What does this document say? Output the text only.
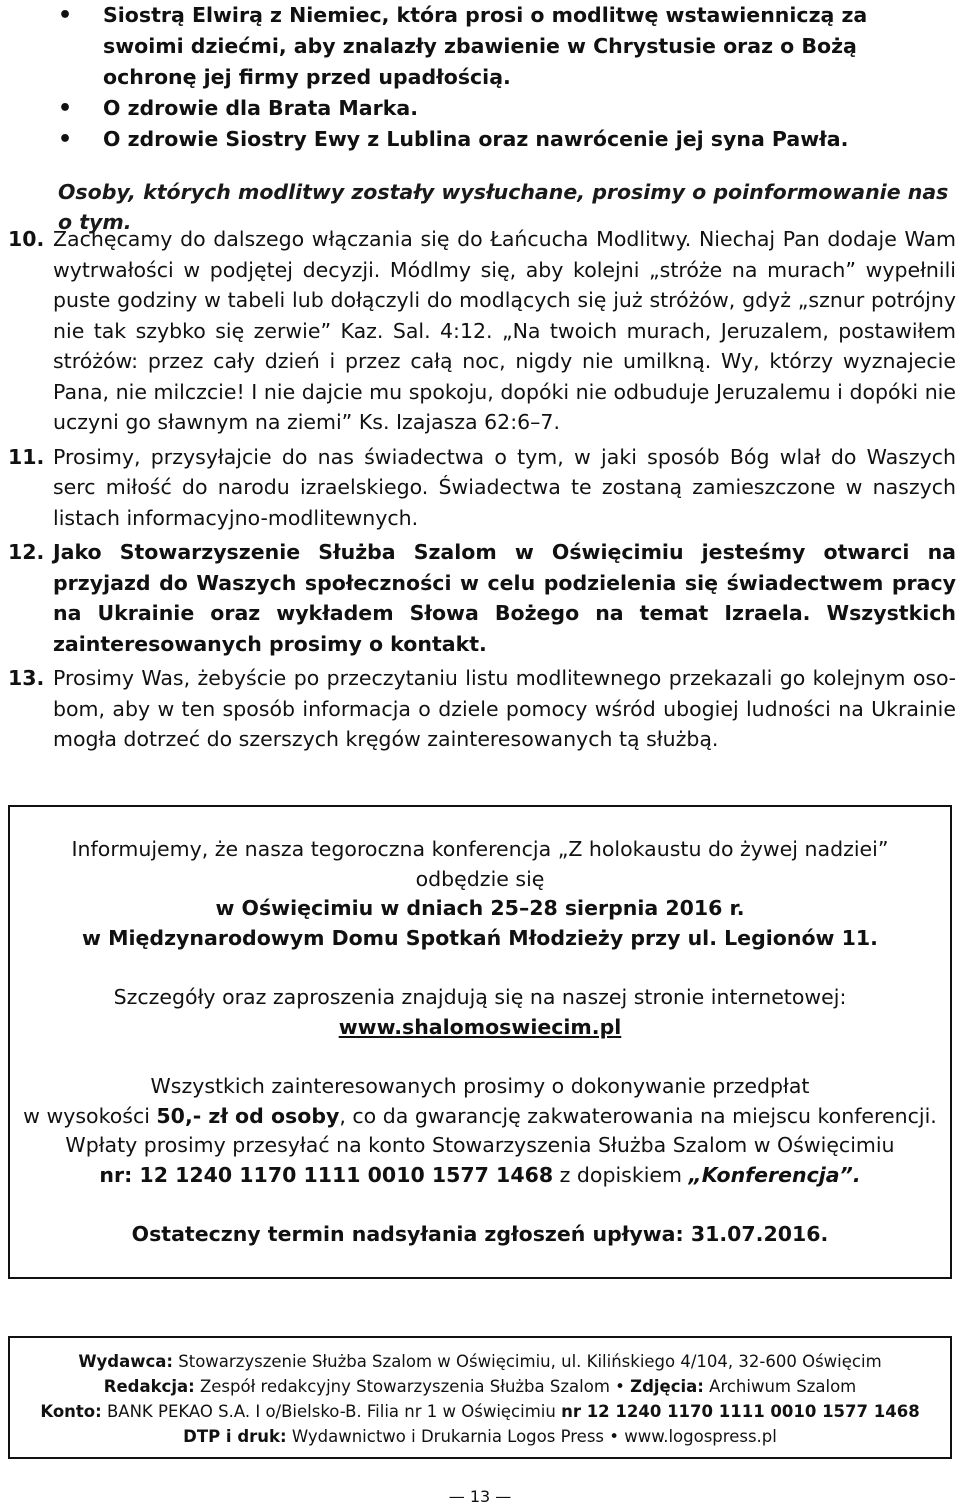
• Siostrą Elwirą z Niemiec, która prosi o modlitwę wstawienniczą za swoimi dziećmi, aby znalazły zbawienie w Chrystusie oraz o Bożą ochronę jej firmy przed upadłością.
• O zdrowie dla Brata Marka.
• O zdrowie Siostry Ewy z Lublina oraz nawrócenie jej syna Pawła.
Osoby, których modlitwy zostały wysłuchane, prosimy o poinformowanie nas o tym.
10. Zachęcamy do dalszego włączania się do Łańcucha Modlitwy. Niechaj Pan dodaje Wam wytrwałości w podjętej decyzji. Módlmy się, aby kolejni „stróże na murach” wypełnili puste godziny w tabeli lub dołączyli do modlących się już stróżów, gdyż „sznur potrójny nie tak szybko się zerwie” Kaz. Sal. 4:12. „Na twoich murach, Jeruzalem, postawiłem stróżów: przez cały dzień i przez całą noc, nigdy nie umilkną. Wy, którzy wyznajecie Pana, nie milczcie! I nie dajcie mu spokoju, dopóki nie odbuduje Jeruzalemu i dopóki nie uczyni go sławnym na ziemi” Ks. Izajasza 62:6–7.
11. Prosimy, przysyłajcie do nas świadectwa o tym, w jaki sposób Bóg wlał do Waszych serc miłość do narodu izraelskiego. Świadectwa te zostaną zamieszczone w naszych listach informacyjno-modlitewnych.
12. Jako Stowarzyszenie Służba Szalom w Oświęcimiu jesteśmy otwarci na przyjazd do Waszych społeczności w celu podzielenia się świadectwem pracy na Ukrainie oraz wykładem Słowa Bożego na temat Izraela. Wszystkich zainteresowanych prosimy o kontakt.
13. Prosimy Was, żebyście po przeczytaniu listu modlitewnego przekazali go kolejnym osobom, aby w ten sposób informacja o dziele pomocy wśród ubogiej ludności na Ukrainie mogła dotrzeć do szerszych kręgów zainteresowanych tą służbą.
Informujemy, że nasza tegoroczna konferencja „Z holokaustu do żywej nadziei”
odbędzie się
w Oświęcimiu w dniach 25–28 sierpnia 2016 r.
w Międzynarodowym Domu Spotkań Młodzieży przy ul. Legionów 11.
Szczegóły oraz zaproszenia znajdują się na naszej stronie internetowej:
www.shalomoswiecim.pl
Wszystkich zainteresowanych prosimy o dokonywanie przedpłat
w wysokości 50,- zł od osoby, co da gwarancję zakwaterowania na miejscu konferencji.
Wpłaty prosimy przesyłać na konto Stowarzyszenia Służba Szalom w Oświęcimiu
nr: 12 1240 1170 1111 0010 1577 1468 z dopiskiem „Konferencja”.
Ostateczny termin nadsyłania zgłoszeń upływa: 31.07.2016.
Wydawca: Stowarzyszenie Służba Szalom w Oświęcimiu, ul. Kilińskiego 4/104, 32-600 Oświęcim
Redakcja: Zespół redakcyjny Stowarzyszenia Służba Szalom • Zdjęcia: Archiwum Szalom
Konto: BANK PEKAO S.A. I o/Bielsko-B. Filia nr 1 w Oświęcimiu nr 12 1240 1170 1111 0010 1577 1468
DTP i druk: Wydawnictwo i Drukarnia Logos Press • www.logospress.pl
— 13 —
